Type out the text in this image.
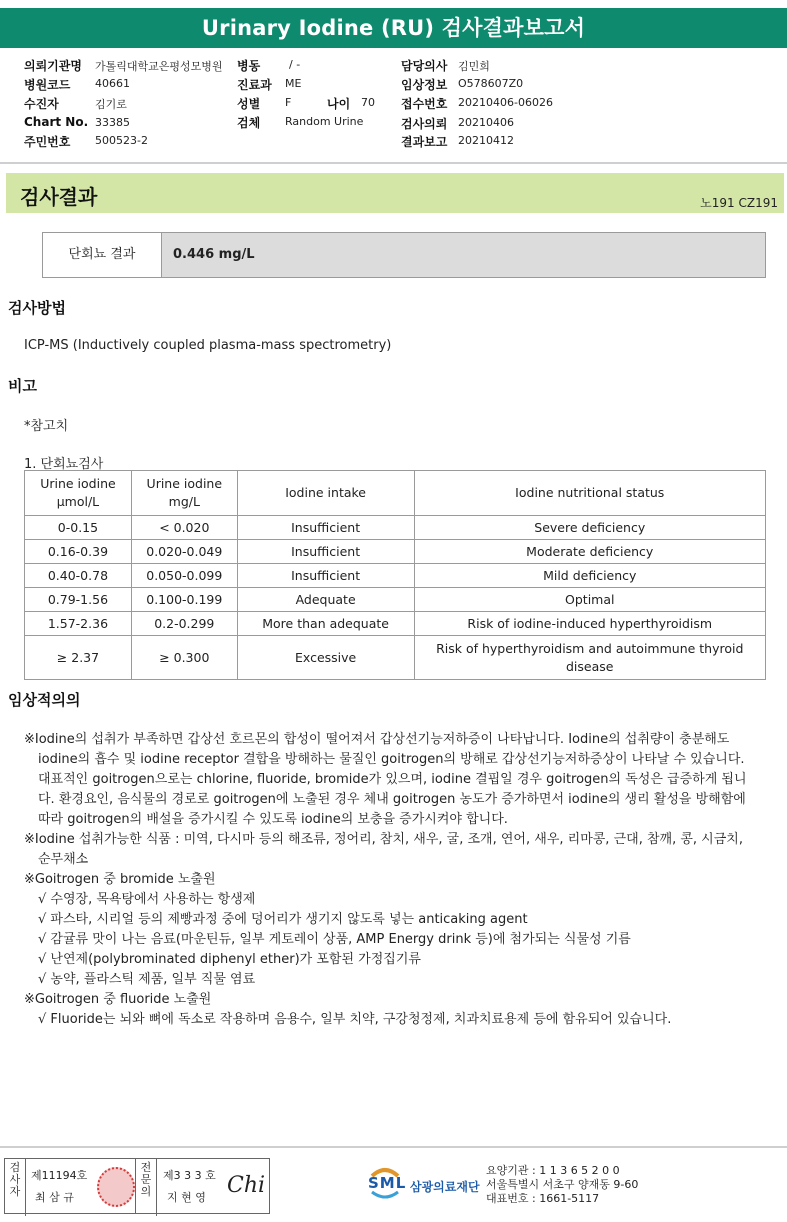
Urinary Iodine (RU) 검사결과보고서
의뢰기관명 가톨릭대학교은평성모병원 병동	/ -	담당의사 김민희
병원코드 40661	진료과 ME	임상정보 O578607Z0
수진자	김기로	성별 F	나이 70 접수번호 20210406-06026
Chart No. 33385	검체 Random Urine	검사의뢰 20210406
주민번호 500523-2	결과보고 20210412
검사결과	노191 CZ191
단회뇨 결과	0.446 mg/L
검사방법
ICP-MS (Inductively coupled plasma-mass spectrometry)
비고
*참고치
1. 단회뇨검사
Urine iodine µmol/L	Urine iodine mg/L	Iodine intake	Iodine nutritional status
0-0.15	< 0.020	Insufficient	Severe deficiency
0.16-0.39	0.020-0.049	Insufficient	Moderate deficiency
0.40-0.78	0.050-0.099	Insufficient	Mild deficiency
0.79-1.56	0.100-0.199	Adequate	Optimal
1.57-2.36	0.2-0.299	More than adequate	Risk of iodine-induced hyperthyroidism
≥ 2.37	≥ 0.300	Excessive	Risk of hyperthyroidism and autoimmune thyroid disease
임상적의의

※Iodine의 섭취가 부족하면 갑상선 호르몬의 합성이 떨어져서 갑상선기능저하증이 나타납니다. Iodine의 섭취량이 충분해도 iodine의 흡수 및 iodine receptor 결합을 방해하는 물질인 goitrogen의 방해로 갑상선기능저하증상이 나타날 수 있습니다.

대표적인 goitrogen으로는 chlorine, fluoride, bromide가 있으며, iodine 결핍일 경우 goitrogen의 독성은 급증하게 됩니다. 환경요인, 음식물의 경로로 goitrogen에 노출된 경우 체내 goitrogen 농도가 증가하면서 iodine의 생리 활성을 방해함에 따라 goitrogen의 배설을 증가시킬 수 있도록 iodine의 보충을 증가시켜야 합니다.

※Iodine 섭취가능한 식품 : 미역, 다시마 등의 해조류, 정어리, 참치, 새우, 굴, 조개, 연어, 새우, 리마콩, 근대, 참깨, 콩, 시금치, 순무채소

※Goitrogen 중 bromide 노출원

√ 수영장, 목욕탕에서 사용하는 항생제

√ 파스타, 시리얼 등의 제빵과정 중에 덩어리가 생기지 않도록 넣는 anticaking agent

√ 감귤류 맛이 나는 음료(마운틴듀, 일부 게토레이 상품, AMP Energy drink 등)에 첨가되는 식물성 기름

√ 난연제(polybrominated diphenyl ether)가 포함된 가정집기류

√ 농약, 플라스틱 제품, 일부 직물 염료

※Goitrogen 중 fluoride 노출원

√ Fluoride는 뇌와 뼈에 독소로 작용하며 음용수, 일부 치약, 구강청정제, 치과치료용제 등에 함유되어 있습니다.

검사자
제11194호
최 삼 규
전문의
제3 3 3 호
지 현 영 Chi	SML 삼광의료재단
요양기관 : 1 1 3 6 5 2 0 0
서울특별시 서초구 양재동 9-60
대표번호 : 1661-5117
